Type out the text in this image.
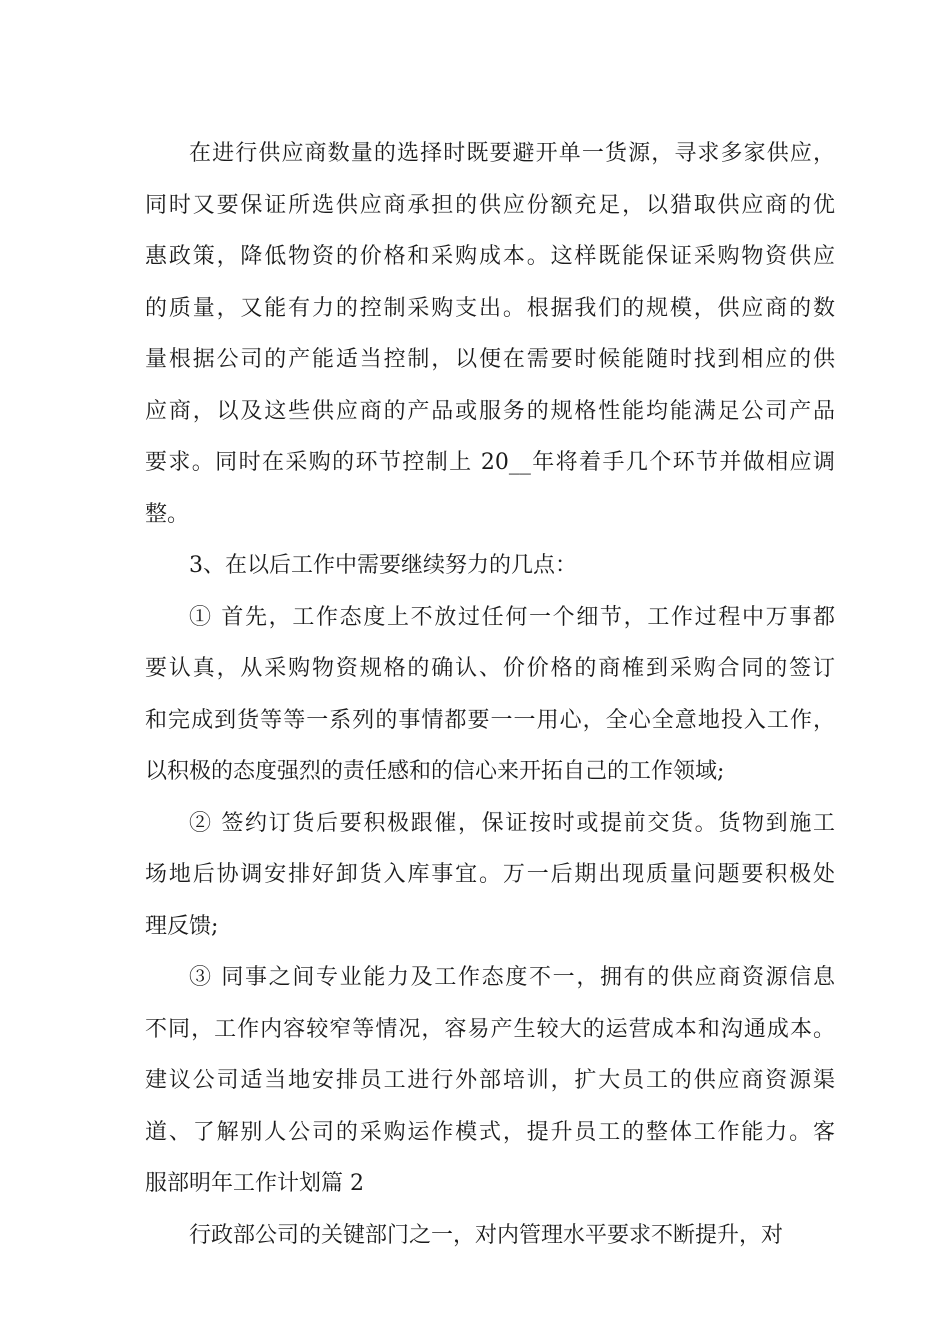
在进行供应商数量的选择时既要避开单一货源，寻求多家供应，
同时又要保证所选供应商承担的供应份额充足，以猎取供应商的优
惠政策，降低物资的价格和采购成本。这样既能保证采购物资供应
的质量，又能有力的控制采购支出。根据我们的规模，供应商的数
量根据公司的产能适当控制，以便在需要时候能随时找到相应的供
应商，以及这些供应商的产品或服务的规格性能均能满足公司产品
要求。同时在采购的环节控制上 20__年将着手几个环节并做相应调
整。
3、在以后工作中需要继续努力的几点：
① 首先，工作态度上不放过任何一个细节，工作过程中万事都
要认真，从采购物资规格的确认、价价格的商榷到采购合同的签订
和完成到货等等一系列的事情都要一一用心，全心全意地投入工作，
以积极的态度强烈的责任感和的信心来开拓自己的工作领域;
② 签约订货后要积极跟催，保证按时或提前交货。货物到施工
场地后协调安排好卸货入库事宜。万一后期出现质量问题要积极处
理反馈;
③ 同事之间专业能力及工作态度不一，拥有的供应商资源信息
不同，工作内容较窄等情况，容易产生较大的运营成本和沟通成本。
建议公司适当地安排员工进行外部培训，扩大员工的供应商资源渠
道、了解别人公司的采购运作模式，提升员工的整体工作能力。客
服部明年工作计划篇 2
行政部公司的关键部门之一，对内管理水平要求不断提升，对
